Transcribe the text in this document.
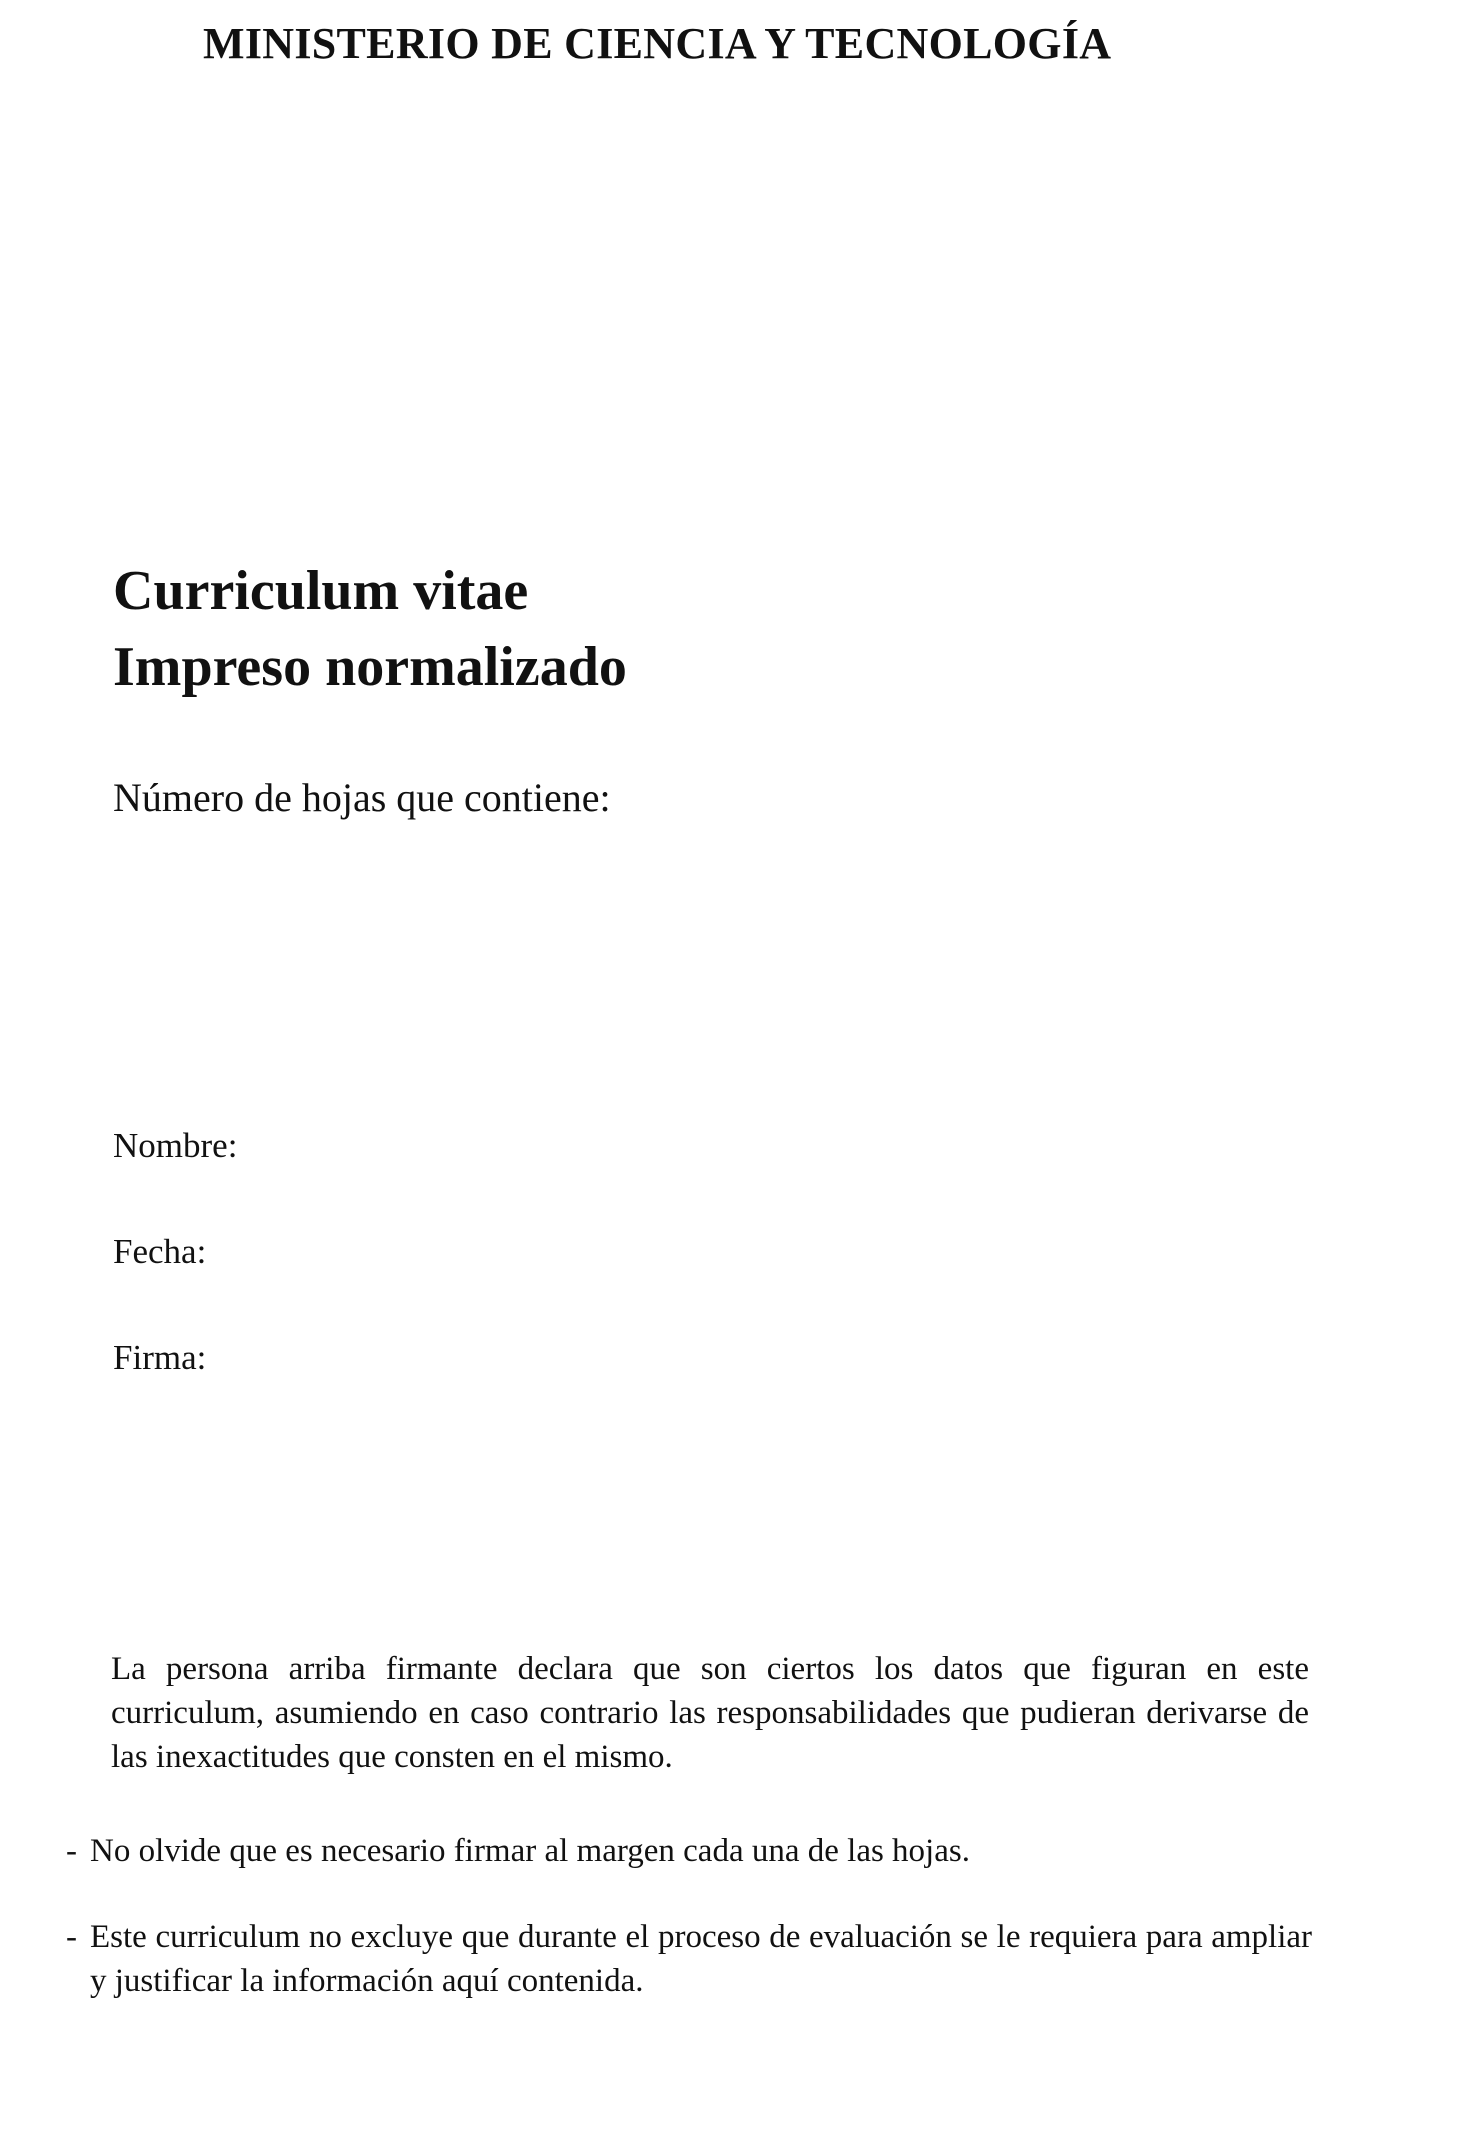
MINISTERIO DE CIENCIA Y TECNOLOGÍA
Curriculum vitae
Impreso normalizado
Número de hojas que contiene:
Nombre:
Fecha:
Firma:
La persona arriba firmante declara que son ciertos los datos que figuran en este curriculum, asumiendo en caso contrario las responsabilidades que pudieran derivarse de las inexactitudes que consten en el mismo.
- No olvide que es necesario firmar al margen cada una de las hojas.
- Este curriculum no excluye que durante el proceso de evaluación se le requiera para ampliar y justificar la información aquí contenida.
